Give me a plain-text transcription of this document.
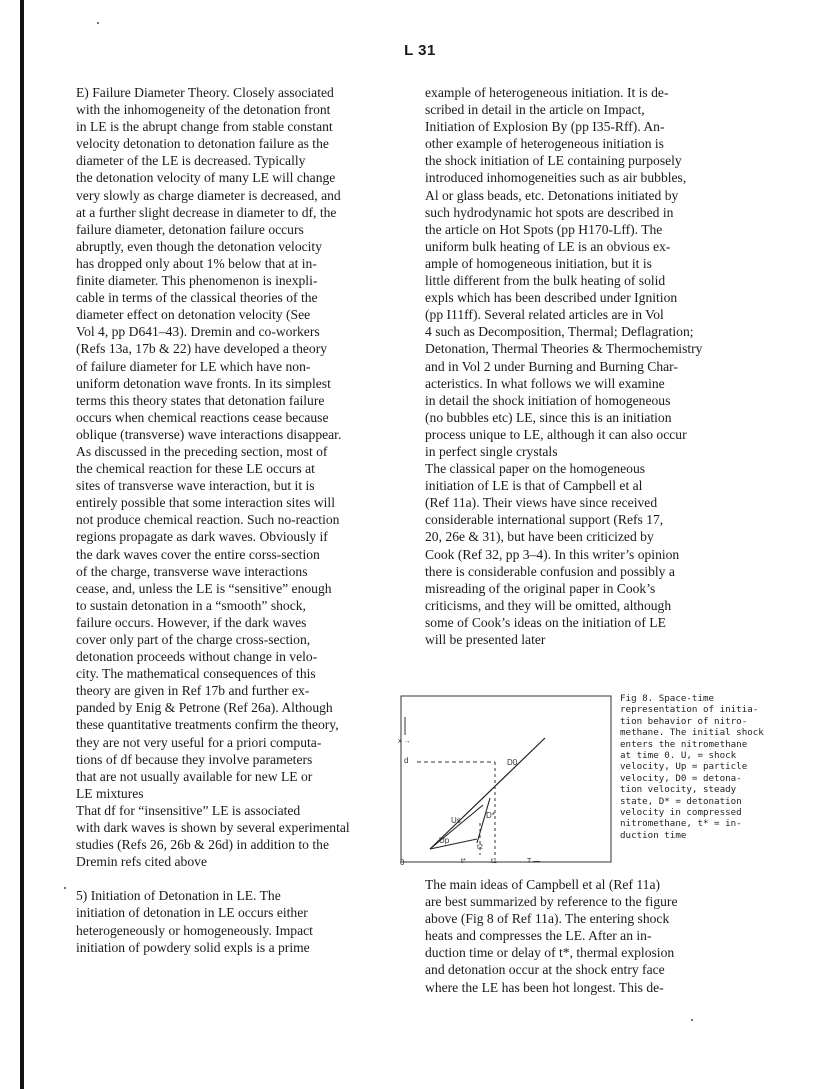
L 31
E) Failure Diameter Theory. Closely associated
with the inhomogeneity of the detonation front
in LE is the abrupt change from stable constant
velocity detonation to detonation failure as the
diameter of the LE is decreased. Typically
the detonation velocity of many LE will change
very slowly as charge diameter is decreased, and
at a further slight decrease in diameter to df, the
failure diameter, detonation failure occurs
abruptly, even though the detonation velocity
has dropped only about 1% below that at in-
finite diameter. This phenomenon is inexpli-
cable in terms of the classical theories of the
diameter effect on detonation velocity (See
Vol 4, pp D641–43). Dremin and co-workers
(Refs 13a, 17b & 22) have developed a theory
of failure diameter for LE which have non-
uniform detonation wave fronts. In its simplest
terms this theory states that detonation failure
occurs when chemical reactions cease because
oblique (transverse) wave interactions disappear.
As discussed in the preceding section, most of
the chemical reaction for these LE occurs at
sites of transverse wave interaction, but it is
entirely possible that some interaction sites will
not produce chemical reaction. Such no-reaction
regions propagate as dark waves. Obviously if
the dark waves cover the entire corss-section
of the charge, transverse wave interactions
cease, and, unless the LE is “sensitive” enough
to sustain detonation in a “smooth” shock,
failure occurs. However, if the dark waves
cover only part of the charge cross-section,
detonation proceeds without change in velo-
city. The mathematical consequences of this
theory are given in Ref 17b and further ex-
panded by Enig & Petrone (Ref 26a). Although
these quantitative treatments confirm the theory,
they are not very useful for a priori computa-
tions of df because they involve parameters
that are not usually available for new LE or
LE mixtures
That df for “insensitive” LE is associated
with dark waves is shown by several experimental
studies (Refs 26, 26b & 26d) in addition to the
Dremin refs cited above
5) Initiation of Detonation in LE. The
initiation of detonation in LE occurs either
heterogeneously or homogeneously. Impact
initiation of powdery solid expls is a prime
example of heterogeneous initiation. It is de-
scribed in detail in the article on Impact,
Initiation of Explosion By (pp I35-Rff). An-
other example of heterogeneous initiation is
the shock initiation of LE containing purposely
introduced inhomogeneities such as air bubbles,
Al or glass beads, etc. Detonations initiated by
such hydrodynamic hot spots are described in
the article on Hot Spots (pp H170-Lff). The
uniform bulk heating of LE is an obvious ex-
ample of homogeneous initiation, but it is
little different from the bulk heating of solid
expls which has been described under Ignition
(pp I11ff). Several related articles are in Vol
4 such as Decomposition, Thermal; Deflagration;
Detonation, Thermal Theories & Thermochemistry
and in Vol 2 under Burning and Burning Char-
acteristics. In what follows we will examine
in detail the shock initiation of homogeneous
(no bubbles etc) LE, since this is an initiation
process unique to LE, although it can also occur
in perfect single crystals
The classical paper on the homogeneous
initiation of LE is that of Campbell et al
(Ref 11a). Their views have since received
considerable international support (Refs 17,
20, 26e & 31), but have been criticized by
Cook (Ref 32, pp 3–4). In this writer’s opinion
there is considerable confusion and possibly a
misreading of the original paper in Cook’s
criticisms, and they will be omitted, although
some of Cook’s ideas on the initiation of LE
will be presented later
d
0
D0
D*
Us
Up
t*	t1
t2
T —
x →
Fig 8. Space-time
representation of initia-
tion behavior of nitro-
methane. The initial shock
enters the nitromethane
at time 0. U, = shock
velocity, Up = particle
velocity, D0 = detona-
tion velocity, steady
state, D* = detonation
velocity in compressed
nitromethane, t* = in-
duction time
The main ideas of Campbell et al (Ref 11a)
are best summarized by reference to the figure
above (Fig 8 of Ref 11a). The entering shock
heats and compresses the LE. After an in-
duction time or delay of t*, thermal explosion
and detonation occur at the shock entry face
where the LE has been hot longest. This de-
